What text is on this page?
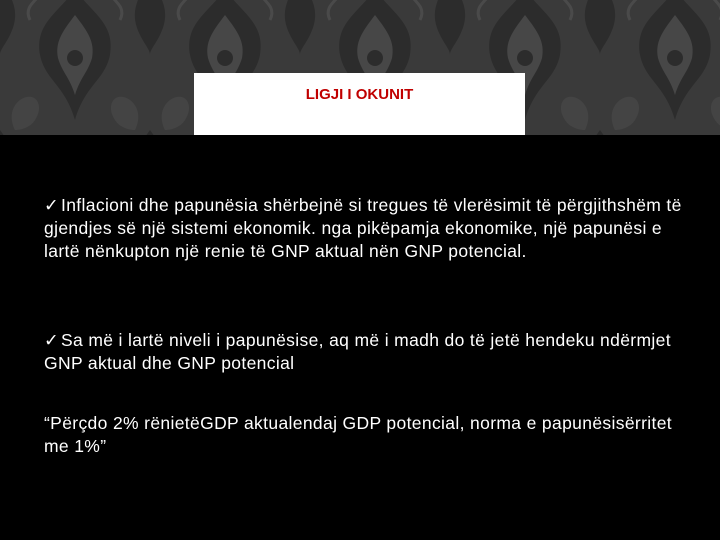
LIGJI I OKUNIT
✓ Inflacioni dhe papunësia shërbejnë si tregues të vlerësimit të përgjithshëm të gjendjes së një sistemi ekonomik. nga pikëpamja ekonomike, një papunësi e lartë nënkupton një renie të GNP aktual nën GNP potencial.
✓ Sa më i lartë niveli i papunësise, aq më i madh do të jetë hendeku ndërmjet GNP aktual dhe GNP potencial
“Përçdo 2% rënietëGDP aktualendaj GDP potencial, norma e papunësisërritet me 1%”
